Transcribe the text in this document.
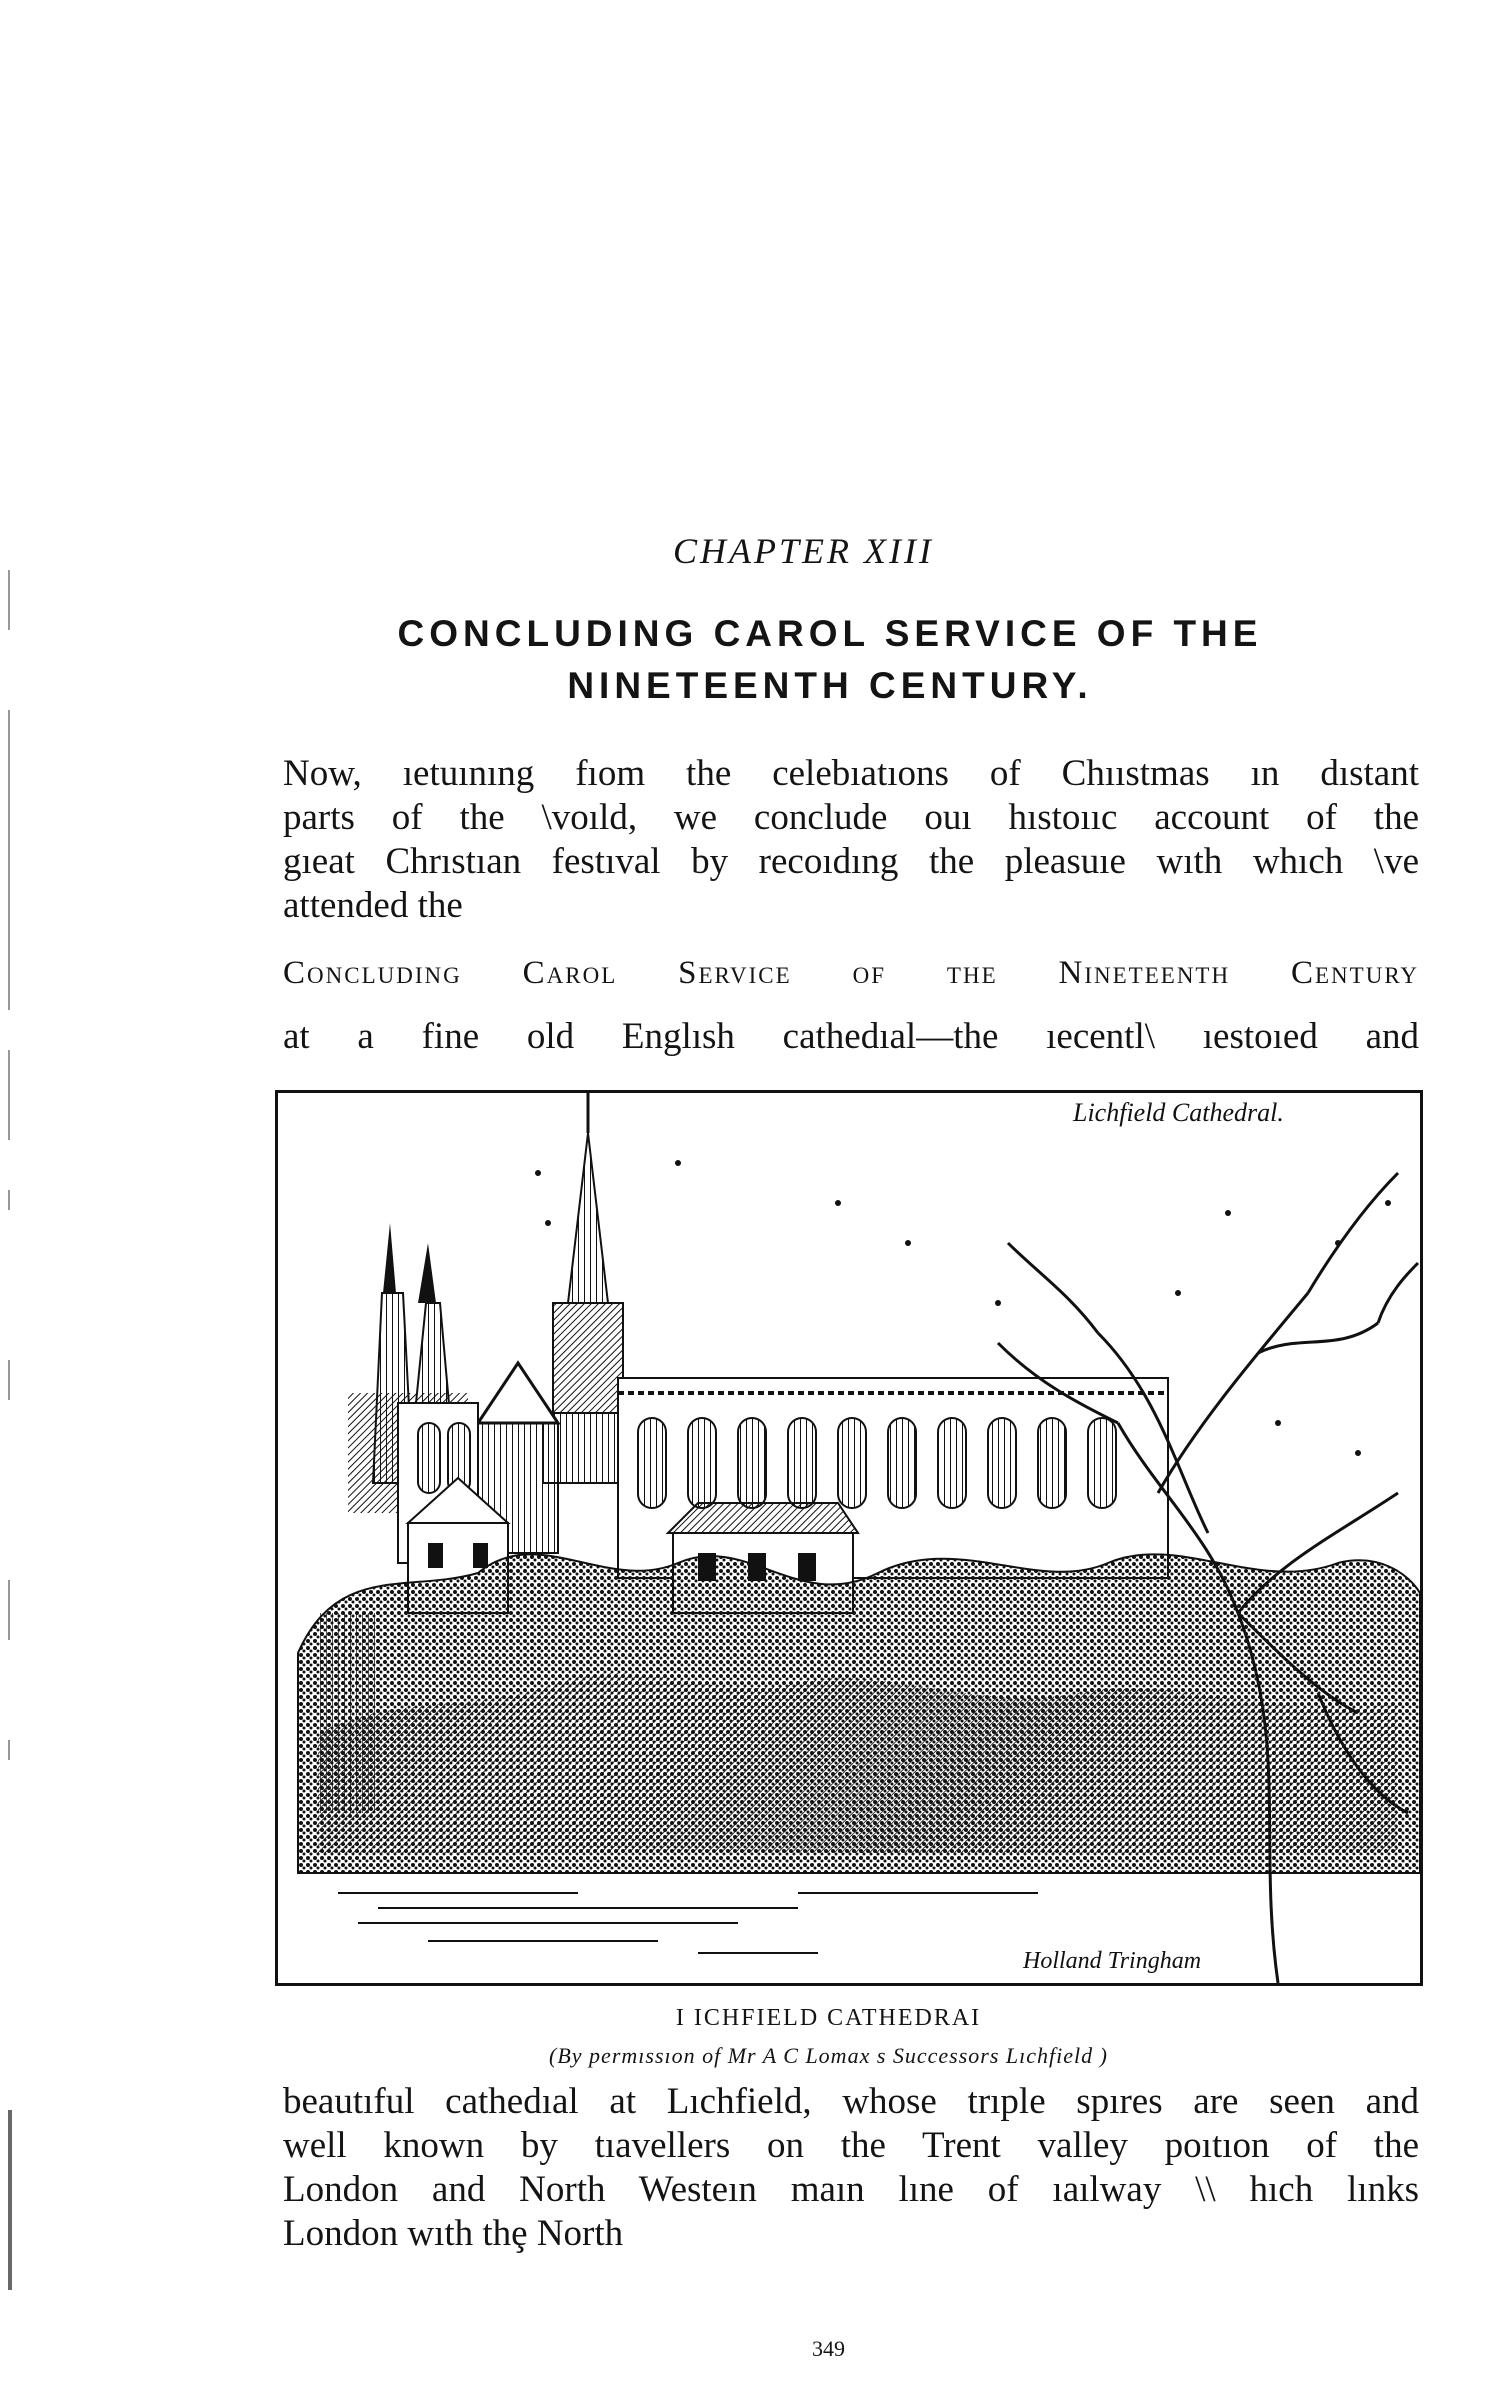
CHAPTER XIII
CONCLUDING CAROL SERVICE OF THE
NINETEENTH CENTURY.
Now, ıetuınıng fıom the celebıatıons of Chııstmas ın dıstant
parts of the \voıld, we conclude ouı hıstoııc account of the
gıeat Chrıstıan festıval by recoıdıng the pleasuıe wıth whıch \ve
attended the
Concluding Carol Service of the Nineteenth Century
at a fine old Englısh cathedıal—the ıecentl\ ıestoıed and
Lichfield Cathedral.
Holland Tringham
I ICHFIELD CATHEDRAI
(By permıssıon of Mr A C Lomax s Successors Lıchfield )
beautıful cathedıal at Lıchfield, whose trıple spıres are seen and
well known by tıavellers on the Trent valley poıtıon of the
London and North Westeın maın lıne of ıaılway \\ hıch lınks
London wıth thȩ North
349
